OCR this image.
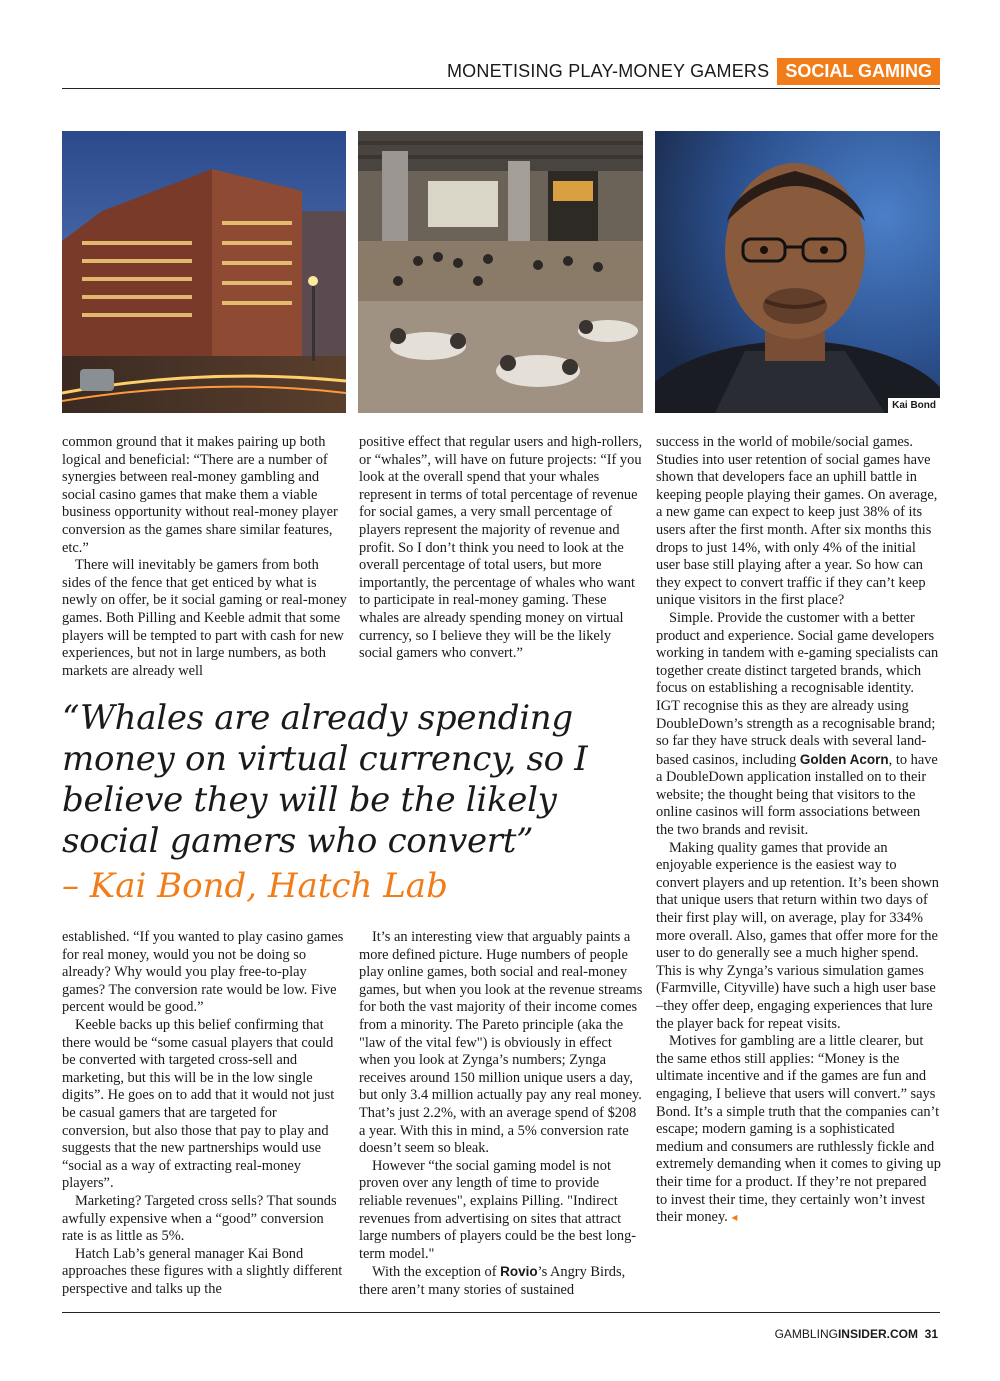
MONETISING PLAY-MONEY GAMERS SOCIAL GAMING
Kai Bond

common ground that it makes pairing up both logical and beneficial: “There are a number of synergies between real-money gambling and social casino games that make them a viable business opportunity without real-money player conversion as the games share similar features, etc.”

There will inevitably be gamers from both sides of the fence that get enticed by what is newly on offer, be it social gaming or real-money games. Both Pilling and Keeble admit that some players will be tempted to part with cash for new experiences, but not in large numbers, as both markets are already well

positive effect that regular users and high-rollers, or “whales”, will have on future projects: “If you look at the overall spend that your whales represent in terms of total percentage of revenue for social games, a very small percentage of players represent the majority of revenue and profit. So I don’t think you need to look at the overall percentage of total users, but more importantly, the percentage of whales who want to participate in real-money gaming. These whales are already spending money on virtual currency, so I believe they will be the likely social gamers who convert.”

“Whales are already spending money on virtual currency, so I believe they will be the likely social gamers who convert”
– Kai Bond, Hatch Lab

established. “If you wanted to play casino games for real money, would you not be doing so already? Why would you play free-to-play games? The conversion rate would be low. Five percent would be good.”

Keeble backs up this belief confirming that there would be “some casual players that could be converted with targeted cross-sell and marketing, but this will be in the low single digits”. He goes on to add that it would not just be casual gamers that are targeted for conversion, but also those that pay to play and suggests that the new partnerships would use “social as a way of extracting real-money players”.

Marketing? Targeted cross sells? That sounds awfully expensive when a “good” conversion rate is as little as 5%.

Hatch Lab’s general manager Kai Bond approaches these figures with a slightly different perspective and talks up the

It’s an interesting view that arguably paints a more defined picture. Huge numbers of people play online games, both social and real-money games, but when you look at the revenue streams for both the vast majority of their income comes from a minority. The Pareto principle (aka the "law of the vital few") is obviously in effect when you look at Zynga’s numbers; Zynga receives around 150 million unique users a day, but only 3.4 million actually pay any real money. That’s just 2.2%, with an average spend of $208 a year. With this in mind, a 5% conversion rate doesn’t seem so bleak.

However “the social gaming model is not proven over any length of time to provide reliable revenues", explains Pilling. "Indirect revenues from advertising on sites that attract large numbers of players could be the best long-term model."

With the exception of Rovio’s Angry Birds, there aren’t many stories of sustained

success in the world of mobile/social games. Studies into user retention of social games have shown that developers face an uphill battle in keeping people playing their games. On average, a new game can expect to keep just 38% of its users after the first month. After six months this drops to just 14%, with only 4% of the initial user base still playing after a year. So how can they expect to convert traffic if they can’t keep unique visitors in the first place?

Simple. Provide the customer with a better product and experience. Social game developers working in tandem with e-gaming specialists can together create distinct targeted brands, which focus on establishing a recognisable identity. IGT recognise this as they are already using DoubleDown’s strength as a recognisable brand; so far they have struck deals with several land-based casinos, including Golden Acorn, to have a DoubleDown application installed on to their website; the thought being that visitors to the online casinos will form associations between the two brands and revisit.

Making quality games that provide an enjoyable experience is the easiest way to convert players and up retention. It’s been shown that unique users that return within two days of their first play will, on average, play for 334% more overall. Also, games that offer more for the user to do generally see a much higher spend. This is why Zynga’s various simulation games (Farmville, Cityville) have such a high user base –they offer deep, engaging experiences that lure the player back for repeat visits.

Motives for gambling are a little clearer, but the same ethos still applies: “Money is the ultimate incentive and if the games are fun and engaging, I believe that users will convert.” says Bond. It’s a simple truth that the companies can’t escape; modern gaming is a sophisticated medium and consumers are ruthlessly fickle and extremely demanding when it comes to giving up their time for a product. If they’re not prepared to invest their time, they certainly won’t invest their money. ◂

GAMBLINGINSIDER.COM 31
